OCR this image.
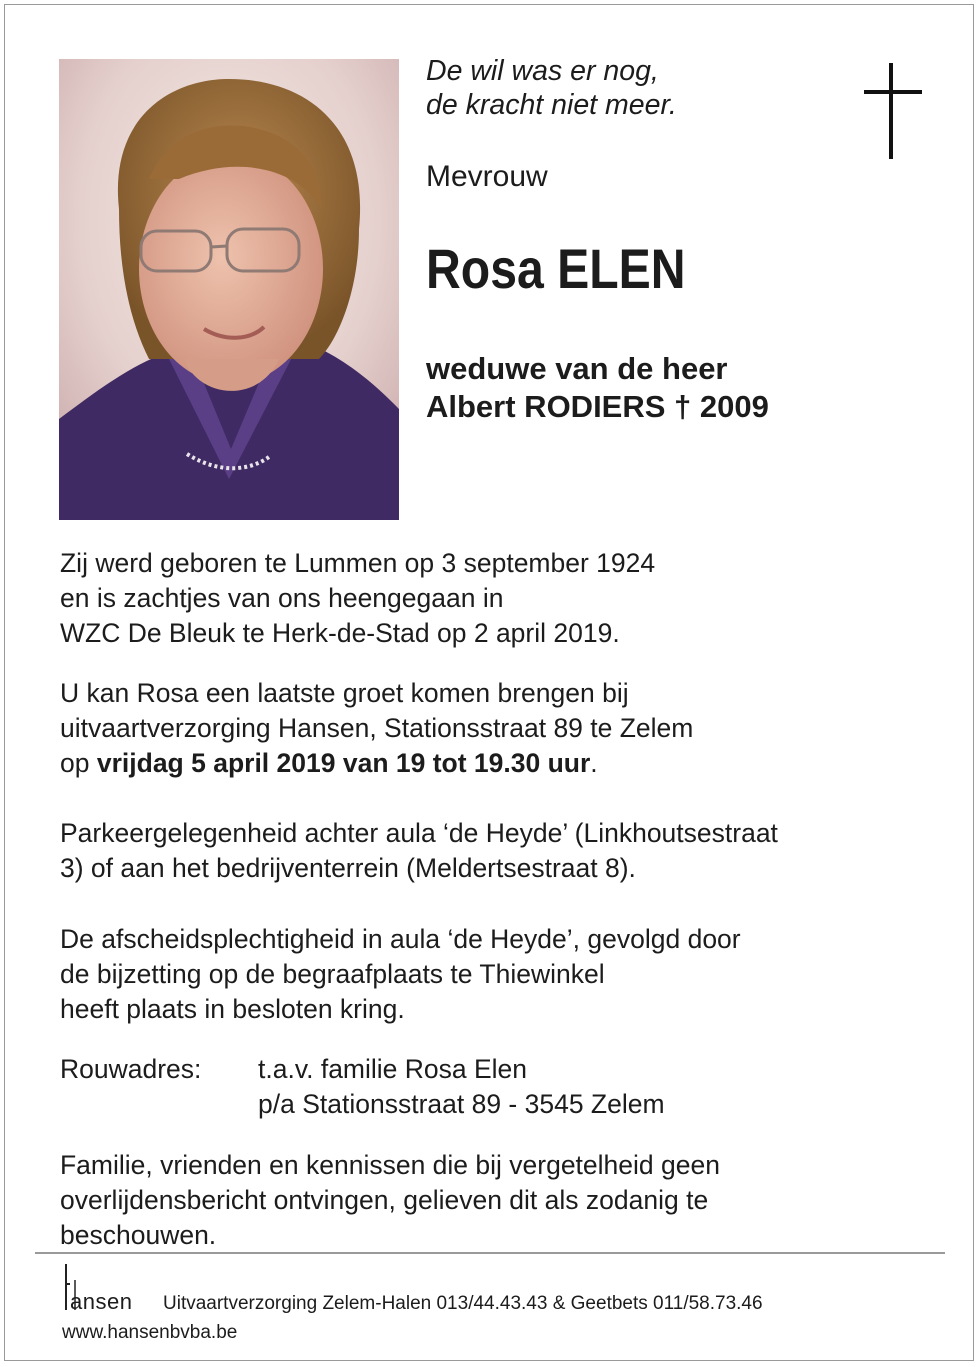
De wil was er nog,
de kracht niet meer.

Mevrouw
Rosa ELEN
weduwe van de heer
Albert RODIERS † 2009

Zij werd geboren te Lummen op 3 september 1924
en is zachtjes van ons heengegaan in
WZC De Bleuk te Herk-de-Stad op 2 april 2019.

U kan Rosa een laatste groet komen brengen bij
uitvaartverzorging Hansen, Stationsstraat 89 te Zelem
op vrijdag 5 april 2019 van 19 tot 19.30 uur.

Parkeergelegenheid achter aula ‘de Heyde’ (Linkhoutsestraat
3) of aan het bedrijventerrein (Meldertsestraat 8).

De afscheidsplechtigheid in aula ‘de Heyde’, gevolgd door
de bijzetting op de begraafplaats te Thiewinkel
heeft plaats in besloten kring.

Rouwadres: t.a.v. familie Rosa Elen
p/a Stationsstraat 89 - 3545 Zelem

Familie, vrienden en kennissen die bij vergetelheid geen
overlijdensbericht ontvingen, gelieven dit als zodanig te
beschouwen.

ansen Uitvaartverzorging Zelem-Halen 013/44.43.43 & Geetbets 011/58.73.46
www.hansenbvba.be
